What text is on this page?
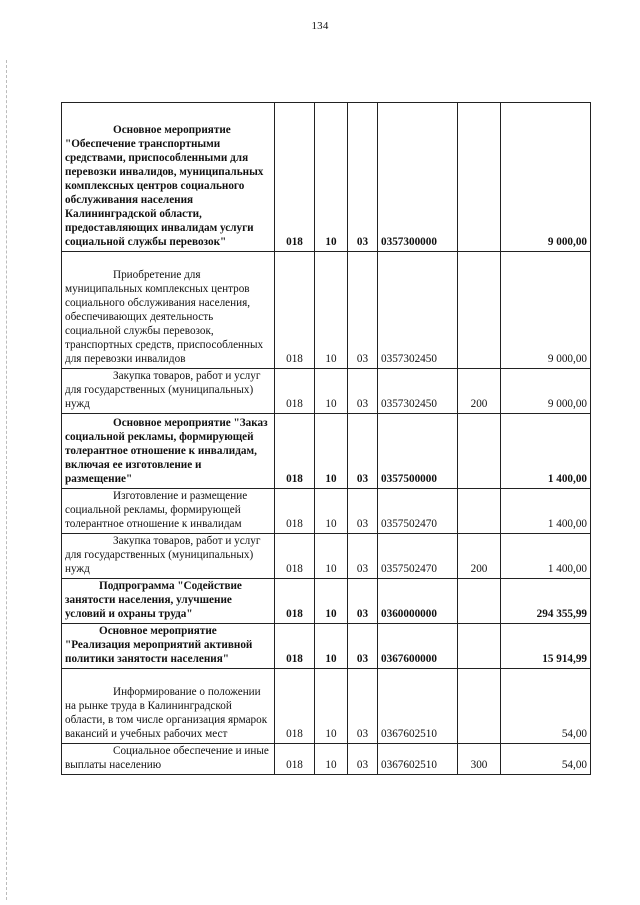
134
Основное мероприятие "Обеспечение транспортными средствами, приспособленными для перевозки инвалидов, муниципальных комплексных центров социального обслуживания населения Калининградской области, предоставляющих инвалидам услуги социальной службы перевозок"	018	10	03	0357300000		9 000,00
Приобретение для муниципальных комплексных центров социального обслуживания населения, обеспечивающих деятельность социальной службы перевозок, транспортных средств, приспособленных для перевозки инвалидов	018	10	03	0357302450		9 000,00
Закупка товаров, работ и услуг для государственных (муниципальных) нужд	018	10	03	0357302450	200	9 000,00
Основное мероприятие "Заказ социальной рекламы, формирующей толерантное отношение к инвалидам, включая ее изготовление и размещение"	018	10	03	0357500000		1 400,00
Изготовление и размещение социальной рекламы, формирующей толерантное отношение к инвалидам	018	10	03	0357502470		1 400,00
Закупка товаров, работ и услуг для государственных (муниципальных) нужд	018	10	03	0357502470	200	1 400,00
Подпрограмма "Содействие занятости населения, улучшение условий и охраны труда"	018	10	03	0360000000		294 355,99
Основное мероприятие "Реализация мероприятий активной политики занятости населения"	018	10	03	0367600000		15 914,99
Информирование о положении на рынке труда в Калининградской области, в том числе организация ярмарок вакансий и учебных рабочих мест	018	10	03	0367602510		54,00
Социальное обеспечение и иные выплаты населению	018	10	03	0367602510	300	54,00
